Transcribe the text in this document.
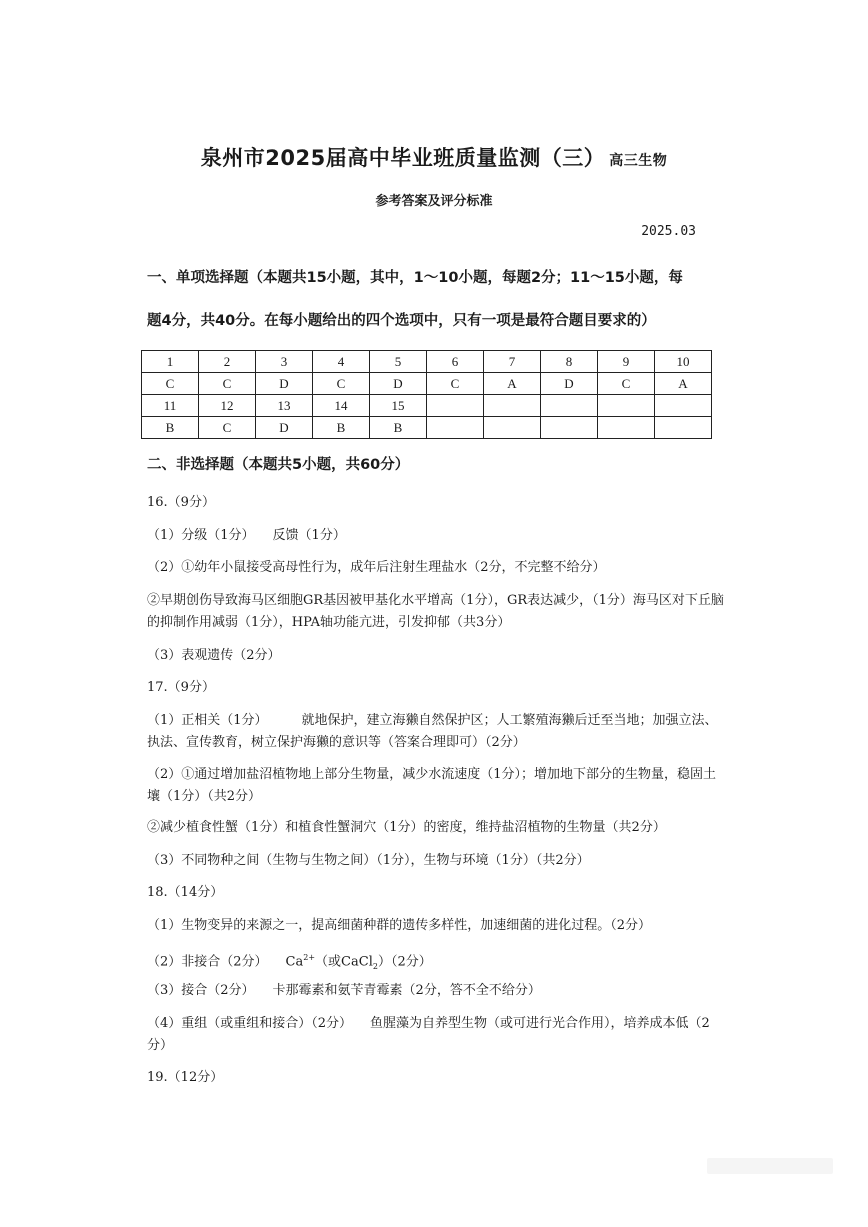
泉州市2025届高中毕业班质量监测（三） 高三生物
参考答案及评分标准
2025.03
一、单项选择题（本题共15小题，其中，1～10小题，每题2分；11～15小题，每
题4分，共40分。在每小题给出的四个选项中，只有一项是最符合题目要求的）
1	2	3	4	5	6	7	8	9	10
C	C	D	C	D	C	A	D	C	A
11	12	13	14	15					
B	C	D	B	B					
二、非选择题（本题共5小题，共60分）
16.（9分）
（1）分级（1分） 反馈（1分）
（2）①幼年小鼠接受高母性行为，成年后注射生理盐水（2分，不完整不给分）
②早期创伤导致海马区细胞GR基因被甲基化水平增高（1分），GR表达减少，（1分）海马区对下丘脑的抑制作用减弱（1分），HPA轴功能亢进，引发抑郁（共3分）
（3）表观遗传（2分）
17.（9分）
（1）正相关（1分）	就地保护，建立海獭自然保护区；人工繁殖海獭后迁至当地；加强立法、执法、宣传教育，树立保护海獭的意识等（答案合理即可）（2分）
（2）①通过增加盐沼植物地上部分生物量，减少水流速度（1分）；增加地下部分的生物量，稳固土壤（1分）（共2分）
②减少植食性蟹（1分）和植食性蟹洞穴（1分）的密度，维持盐沼植物的生物量（共2分）
（3）不同物种之间（生物与生物之间）（1分），生物与环境（1分）（共2分）
18.（14分）
（1）生物变异的来源之一，提高细菌种群的遗传多样性，加速细菌的进化过程。（2分）
（2）非接合（2分） $Ca^{2+}$（或CaCl$_2$）（2分）
（3）接合（2分） 卡那霉素和氨苄青霉素（2分，答不全不给分）
（4）重组（或重组和接合）（2分） 鱼腥藻为自养型生物（或可进行光合作用），培养成本低（2分）
19.（12分）
